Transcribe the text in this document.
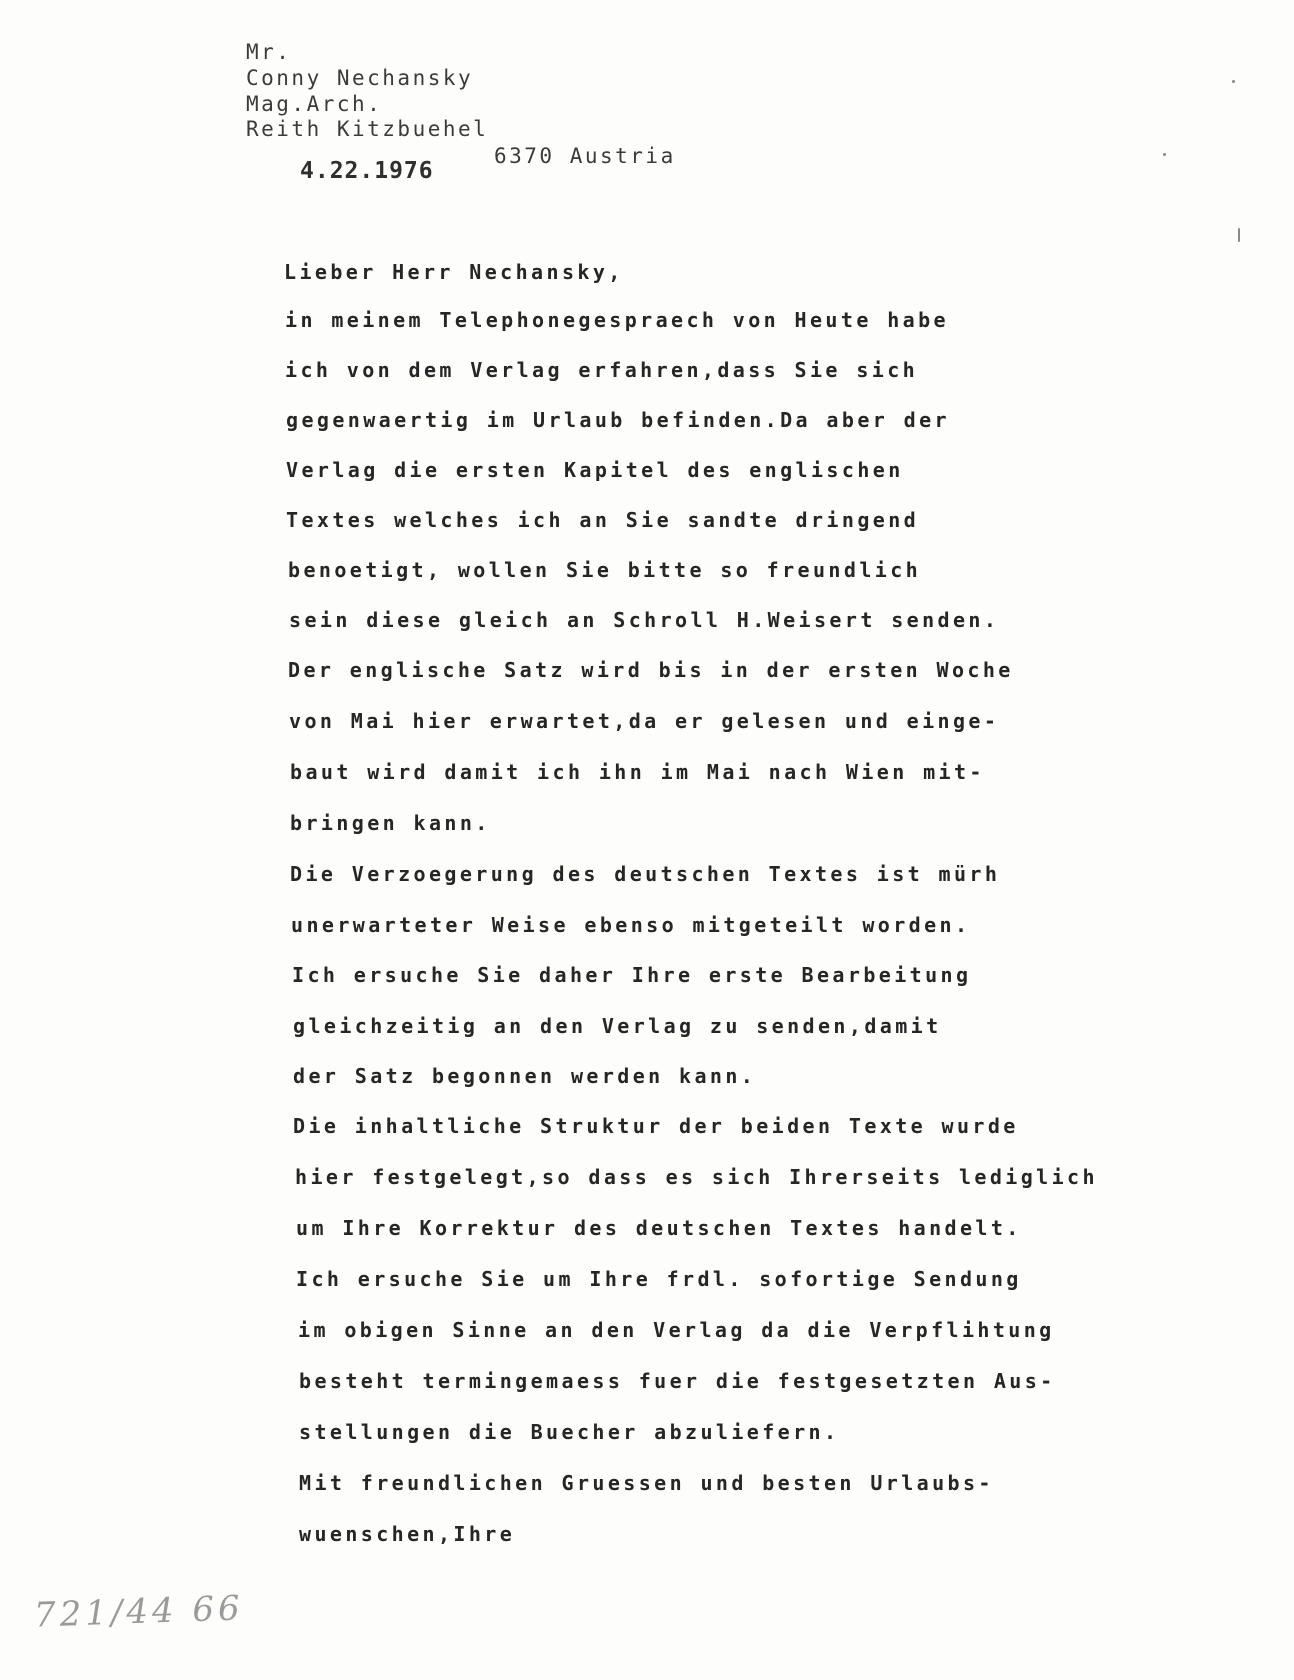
Mr.
Conny Nechansky
Mag.Arch.
Reith Kitzbuehel
6370 Austria
4.22.1976
Lieber Herr Nechansky,
in meinem Telephonegespraech von Heute habe
ich von dem Verlag erfahren,dass Sie sich
gegenwaertig im Urlaub befinden.Da aber der
Verlag die ersten Kapitel des englischen
Textes welches ich an Sie sandte dringend
benoetigt, wollen Sie bitte so freundlich
sein diese gleich an Schroll H.Weisert senden.
Der englische Satz wird bis in der ersten Woche
von Mai hier erwartet,da er gelesen und einge-
baut wird damit ich ihn im Mai nach Wien mit-
bringen kann.
Die Verzoegerung des deutschen Textes ist mürh
unerwarteter Weise ebenso mitgeteilt worden.
Ich ersuche Sie daher Ihre erste Bearbeitung
gleichzeitig an den Verlag zu senden,damit
der Satz begonnen werden kann.
Die inhaltliche Struktur der beiden Texte wurde
hier festgelegt,so dass es sich Ihrerseits lediglich
um Ihre Korrektur des deutschen Textes handelt.
Ich ersuche Sie um Ihre frdl. sofortige Sendung
im obigen Sinne an den Verlag da die Verpflihtung
besteht termingemaess fuer die festgesetzten Aus-
stellungen die Buecher abzuliefern.
Mit freundlichen Gruessen und besten Urlaubs-
wuenschen,Ihre
721/44 66
